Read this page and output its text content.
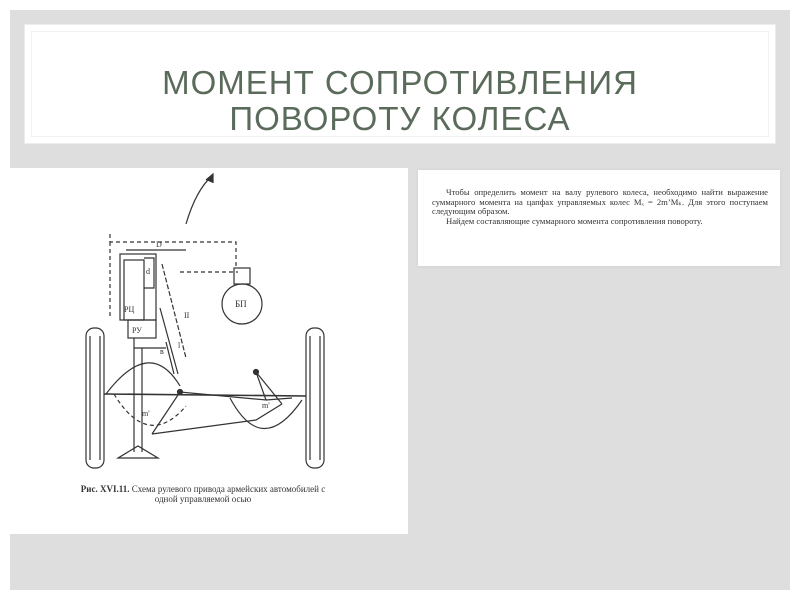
МОМЕНТ СОПРОТИВЛЕНИЯ
ПОВОРОТУ КОЛЕСА
D
РЦ
РУ
d
в
l
II
БП
m'
m'
Рис. XVI.11. Схема рулевого привода армейских автомобилей с одной управляемой осью

Чтобы определить момент на валу рулевого колеса, необходимо найти выражение суммарного момента на цапфах управляемых колес Mₓ = 2m’Mₖ. Для этого поступаем следующим образом.

Найдем составляющие суммарного момента сопротивления повороту.
